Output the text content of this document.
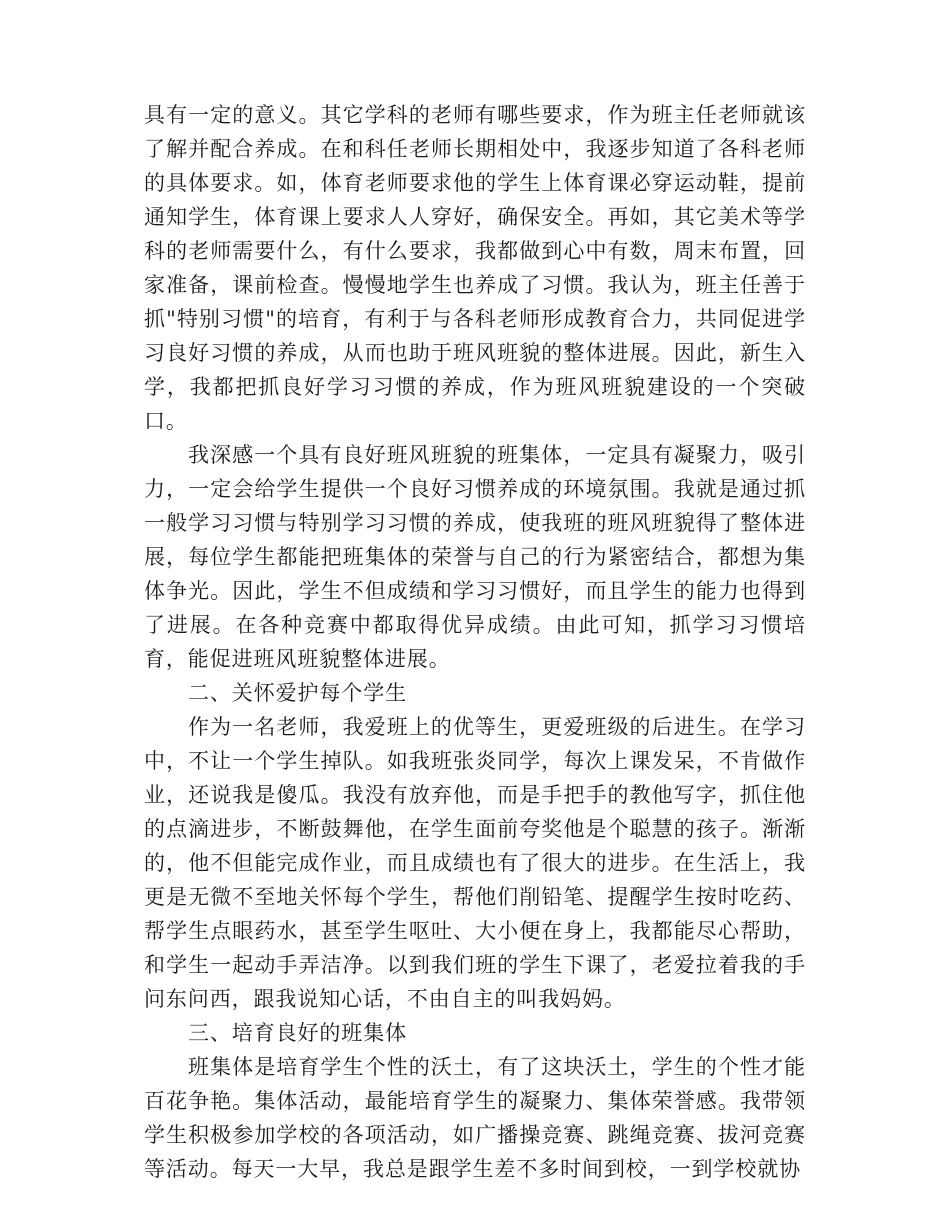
具有一定的意义。其它学科的老师有哪些要求，作为班主任老师就该了解并配合养成。在和科任老师长期相处中，我逐步知道了各科老师的具体要求。如，体育老师要求他的学生上体育课必穿运动鞋，提前通知学生，体育课上要求人人穿好，确保安全。再如，其它美术等学科的老师需要什么，有什么要求，我都做到心中有数，周末布置，回家准备，课前检查。慢慢地学生也养成了习惯。我认为，班主任善于抓"特别习惯"的培育，有利于与各科老师形成教育合力，共同促进学习良好习惯的养成，从而也助于班风班貌的整体进展。因此，新生入学，我都把抓良好学习习惯的养成，作为班风班貌建设的一个突破口。

我深感一个具有良好班风班貌的班集体，一定具有凝聚力，吸引力，一定会给学生提供一个良好习惯养成的环境氛围。我就是通过抓一般学习习惯与特别学习习惯的养成，使我班的班风班貌得了整体进展，每位学生都能把班集体的荣誉与自己的行为紧密结合，都想为集体争光。因此，学生不但成绩和学习习惯好，而且学生的能力也得到了进展。在各种竞赛中都取得优异成绩。由此可知，抓学习习惯培育，能促进班风班貌整体进展。

二、关怀爱护每个学生

作为一名老师，我爱班上的优等生，更爱班级的后进生。在学习中，不让一个学生掉队。如我班张炎同学，每次上课发呆，不肯做作业，还说我是傻瓜。我没有放弃他，而是手把手的教他写字，抓住他的点滴进步，不断鼓舞他，在学生面前夸奖他是个聪慧的孩子。渐渐的，他不但能完成作业，而且成绩也有了很大的进步。在生活上，我更是无微不至地关怀每个学生，帮他们削铅笔、提醒学生按时吃药、帮学生点眼药水，甚至学生呕吐、大小便在身上，我都能尽心帮助，和学生一起动手弄洁净。以到我们班的学生下课了，老爱拉着我的手问东问西，跟我说知心话，不由自主的叫我妈妈。

三、培育良好的班集体

班集体是培育学生个性的沃土，有了这块沃土，学生的个性才能百花争艳。集体活动，最能培育学生的凝聚力、集体荣誉感。我带领学生积极参加学校的各项活动，如广播操竞赛、跳绳竞赛、拔河竞赛等活动。每天一大早，我总是跟学生差不多时间到校，一到学校就协
